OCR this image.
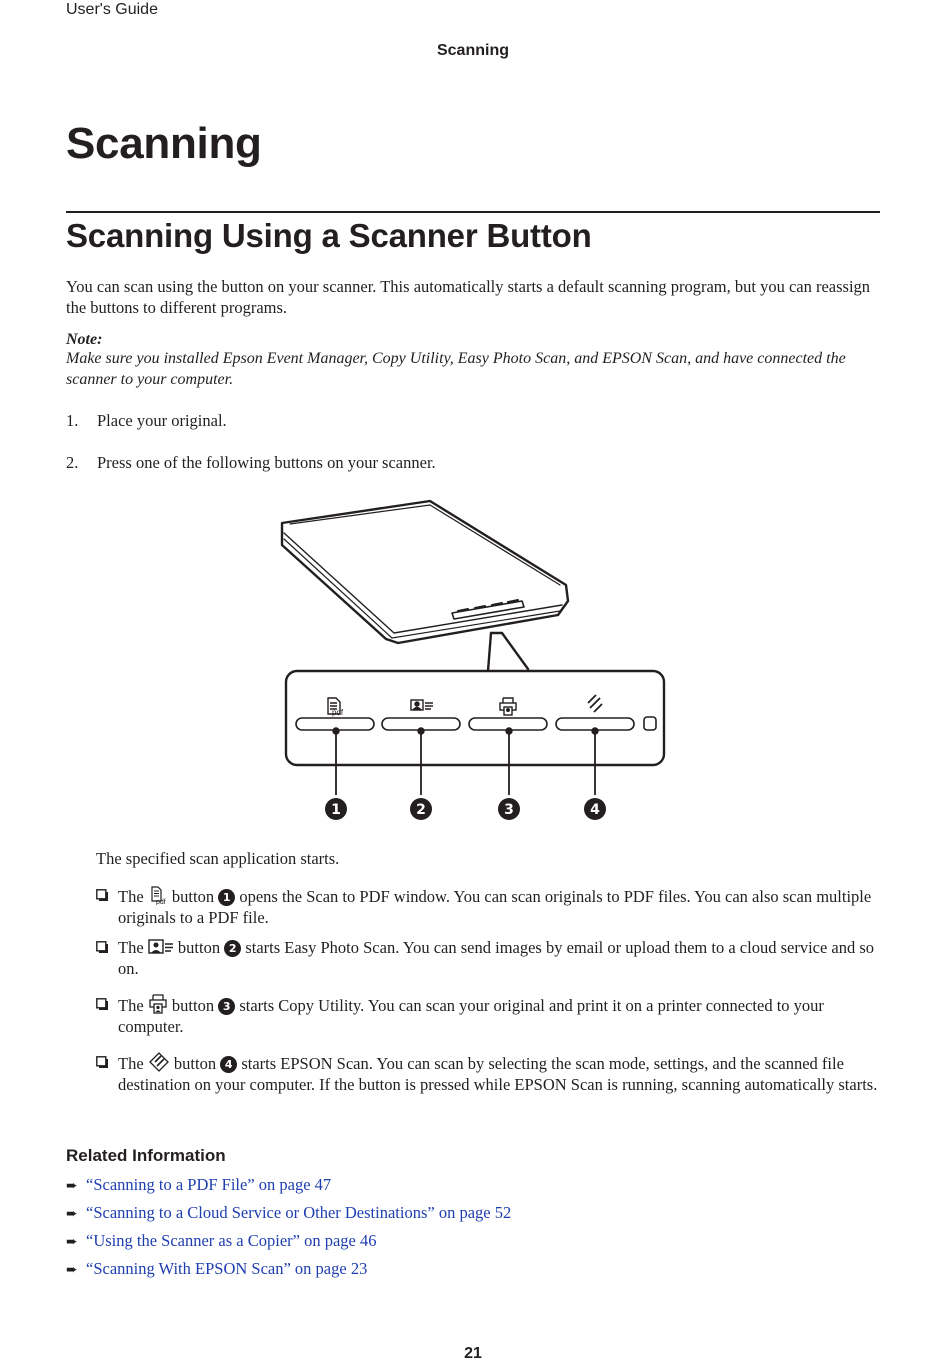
User's Guide
Scanning
Scanning
Scanning Using a Scanner Button
You can scan using the button on your scanner. This automatically starts a default scanning program, but you can reassign the buttons to different programs.
Note:
Make sure you installed Epson Event Manager, Copy Utility, Easy Photo Scan, and EPSON Scan, and have connected the scanner to your computer.
1. Place your original.
2. Press one of the following buttons on your scanner.
pdf
1	2	3	4
The specified scan application starts.
The pdf button 1 opens the Scan to PDF window. You can scan originals to PDF files. You can also scan multiple originals to a PDF file.
The button 2 starts Easy Photo Scan. You can send images by email or upload them to a cloud service and so on.
The button 3 starts Copy Utility. You can scan your original and print it on a printer connected to your computer.
The button 4 starts EPSON Scan. You can scan by selecting the scan mode, settings, and the scanned file destination on your computer. If the button is pressed while EPSON Scan is running, scanning automatically starts.
Related Information
➨ “Scanning to a PDF File” on page 47
➨ “Scanning to a Cloud Service or Other Destinations” on page 52
➨ “Using the Scanner as a Copier” on page 46
➨ “Scanning With EPSON Scan” on page 23
21
